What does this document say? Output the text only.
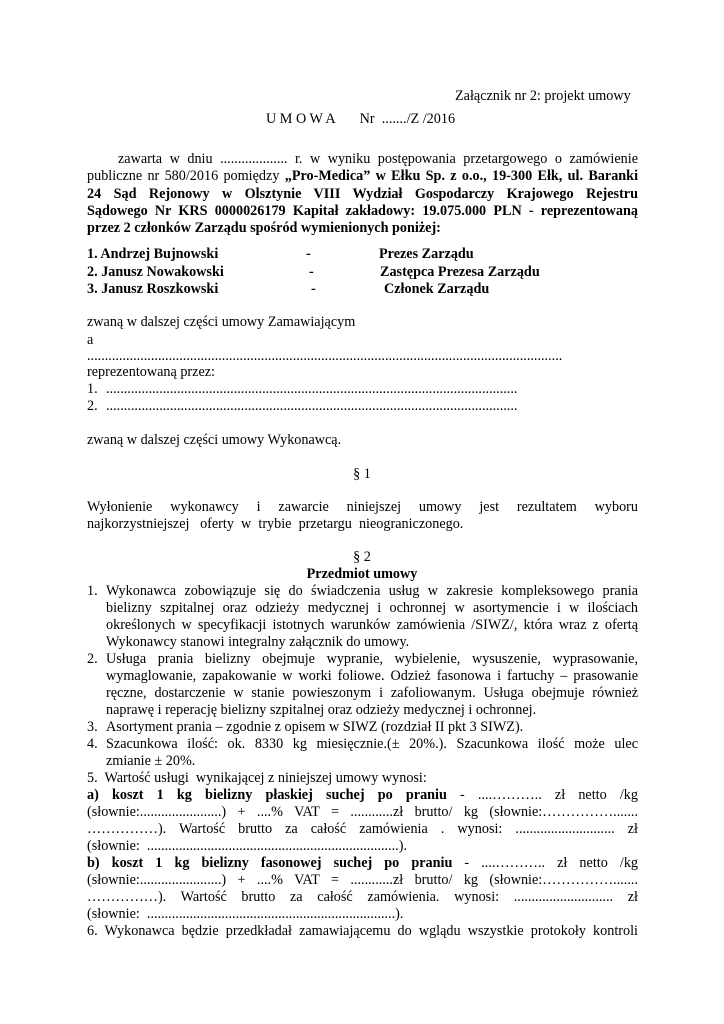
Załącznik nr 2: projekt umowy
U M O W A       Nr  ......./Z /2016
zawarta w dniu ................... r. w wyniku postępowania przetargowego o zamówienie
publiczne nr 580/2016 pomiędzy „Pro-Medica” w Ełku Sp. z o.o., 19-300 Ełk, ul. Baranki
24 Sąd Rejonowy w Olsztynie VIII Wydział Gospodarczy Krajowego Rejestru
Sądowego Nr KRS 0000026179 Kapitał zakładowy: 19.075.000 PLN - reprezentowaną
przez 2 członków Zarządu spośród wymienionych poniżej:
1. Andrzej Bujnowski	-	Prezes Zarządu
2. Janusz Nowakowski	-	Zastępca Prezesa Zarządu
3. Janusz Roszkowski	-	Członek Zarządu
zwaną w dalszej części umowy Zamawiającym
a
......................................................................................................................................
reprezentowaną przez:
1. ....................................................................................................................
2. ....................................................................................................................
zwaną w dalszej części umowy Wykonawcą.
§ 1
Wyłonienie wykonawcy i zawarcie niniejszej umowy jest rezultatem wyboru
najkorzystniejszej   oferty  w  trybie  przetargu  nieograniczonego.
§ 2
Przedmiot umowy
1. Wykonawca zobowiązuje się do świadczenia usług w zakresie kompleksowego prania
bielizny szpitalnej oraz odzieży medycznej i ochronnej w asortymencie i w ilościach
określonych w specyfikacji istotnych warunków zamówienia /SIWZ/, która wraz z ofertą
Wykonawcy stanowi integralny załącznik do umowy.
2. Usługa prania bielizny obejmuje wypranie, wybielenie, wysuszenie, wyprasowanie,
wymaglowanie, zapakowanie w worki foliowe. Odzież fasonowa i fartuchy – prasowanie
ręczne, dostarczenie w stanie powieszonym i zafoliowanym. Usługa obejmuje również
naprawę i reperację bielizny szpitalnej oraz odzieży medycznej i ochronnej.
3. Asortyment prania – zgodnie z opisem w SIWZ (rozdział II pkt 3 SIWZ).
4. Szacunkowa ilość: ok. 8330 kg miesięcznie.(± 20%.). Szacunkowa ilość może ulec
zmianie ± 20%.
5.  Wartość usługi  wynikającej z niniejszej umowy wynosi:
a)  koszt  1  kg  bielizny  płaskiej  suchej  po  praniu  -  ....………..  zł  netto  /kg
(słownie:.......................)  +  ....%  VAT  =  ............zł  brutto/  kg  (słownie:…………….......
……………).  Wartość  brutto  za  całość  zamówienia  .  wynosi:  ............................  zł
(słownie:  .......................................................................).
b)  koszt  1  kg  bielizny  fasonowej  suchej  po  praniu  -  ....………..  zł  netto  /kg
(słownie:.......................)  +  ....%  VAT  =  ............zł  brutto/  kg  (słownie:…………….......
……………).  Wartość  brutto  za  całość  zamówienia.  wynosi:  ............................  zł
(słownie:  ......................................................................).
6.  Wykonawca  będzie  przedkładał  zamawiającemu  do  wglądu  wszystkie  protokoły  kontroli
